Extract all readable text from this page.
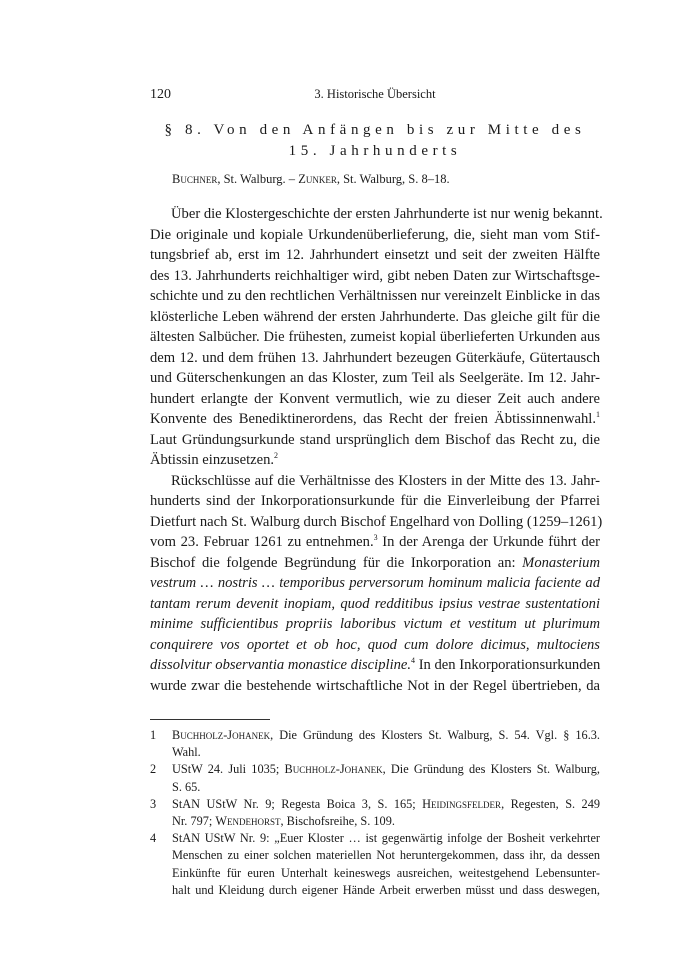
120	3. Historische Übersicht
§ 8. Von den Anfängen bis zur Mitte des
15. Jahrhunderts
Buchner, St. Walburg. – Zunker, St. Walburg, S. 8–18.
Über die Klostergeschichte der ersten Jahrhunderte ist nur wenig bekannt.
Die originale und kopiale Urkundenüberlieferung, die, sieht man vom Stif-
tungsbrief ab, erst im 12. Jahrhundert einsetzt und seit der zweiten Hälfte
des 13. Jahrhunderts reichhaltiger wird, gibt neben Daten zur Wirtschaftsge-
schichte und zu den rechtlichen Verhältnissen nur vereinzelt Einblicke in das
klösterliche Leben während der ersten Jahrhunderte. Das gleiche gilt für die
ältesten Salbücher. Die frühesten, zumeist kopial überlieferten Urkunden aus
dem 12. und dem frühen 13. Jahrhundert bezeugen Güterkäufe, Gütertausch
und Güterschenkungen an das Kloster, zum Teil als Seelgeräte. Im 12. Jahr-
hundert erlangte der Konvent vermutlich, wie zu dieser Zeit auch andere
Konvente des Benediktinerordens, das Recht der freien Äbtissinnenwahl.$^1$
Laut Gründungsurkunde stand ursprünglich dem Bischof das Recht zu, die
Äbtissin einzusetzen.$^2$
Rückschlüsse auf die Verhältnisse des Klosters in der Mitte des 13. Jahr-
hunderts sind der Inkorporationsurkunde für die Einverleibung der Pfarrei
Dietfurt nach St. Walburg durch Bischof Engelhard von Dolling (1259–1261)
vom 23. Februar 1261 zu entnehmen.$^3$ In der Arenga der Urkunde führt der
Bischof die folgende Begründung für die Inkorporation an: Monasterium
vestrum … nostris … temporibus perversorum hominum malicia faciente ad
tantam rerum devenit inopiam, quod redditibus ipsius vestrae sustentationi
minime sufficientibus propriis laboribus victum et vestitum ut plurimum
conquirere vos oportet et ob hoc, quod cum dolore dicimus, multociens
dissolvitur observantia monastice discipline.$^4$ In den Inkorporationsurkunden
wurde zwar die bestehende wirtschaftliche Not in der Regel übertrieben, da
1 Buchholz-Johanek, Die Gründung des Klosters St. Walburg, S. 54. Vgl. § 16.3.
Wahl.
2 UStW 24. Juli 1035; Buchholz-Johanek, Die Gründung des Klosters St. Walburg,
S. 65.
3 StAN UStW Nr. 9; Regesta Boica 3, S. 165; Heidingsfelder, Regesten, S. 249
Nr. 797; Wendehorst, Bischofsreihe, S. 109.
4 StAN UStW Nr. 9: „Euer Kloster … ist gegenwärtig infolge der Bosheit verkehrter
Menschen zu einer solchen materiellen Not heruntergekommen, dass ihr, da dessen
Einkünfte für euren Unterhalt keineswegs ausreichen, weitestgehend Lebensunter-
halt und Kleidung durch eigener Hände Arbeit erwerben müsst und dass deswegen,
